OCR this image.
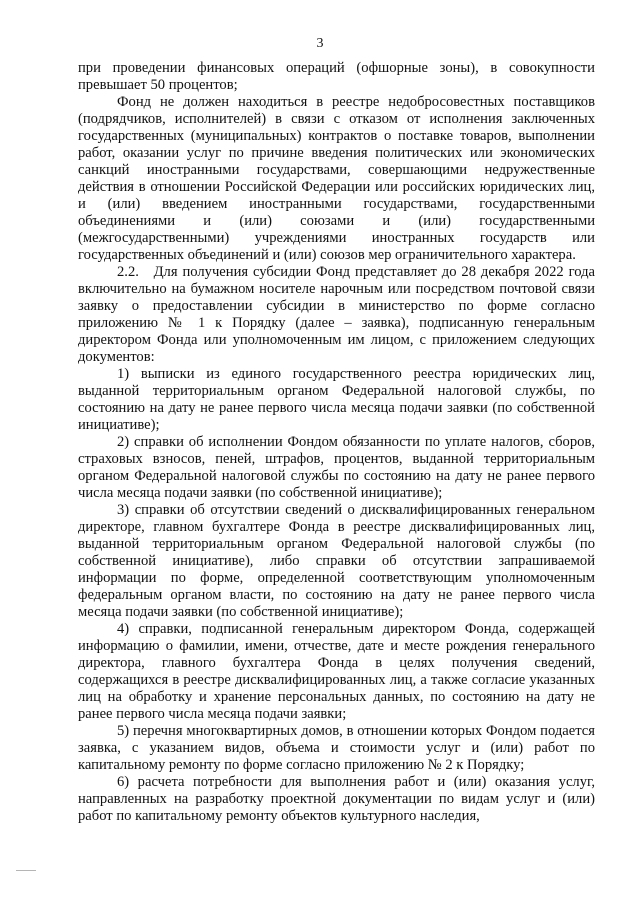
3

при проведении финансовых операций (офшорные зоны), в совокупности превышает 50 процентов;

Фонд не должен находиться в реестре недобросовестных поставщиков (подрядчиков, исполнителей) в связи с отказом от исполнения заключенных государственных (муниципальных) контрактов о поставке товаров, выполнении работ, оказании услуг по причине введения политических или экономических санкций иностранными государствами, совершающими недружественные действия в отношении Российской Федерации или российских юридических лиц, и (или) введением иностранными государствами, государственными объединениями и (или) союзами и (или) государственными (межгосударственными) учреждениями иностранных государств или государственных объединений и (или) союзов мер ограничительного характера.

2.2.   Для получения субсидии Фонд представляет до 28 декабря 2022 года включительно на бумажном носителе нарочным или посредством почтовой связи заявку о предоставлении субсидии в министерство по форме согласно приложению № 1 к Порядку (далее – заявка), подписанную генеральным директором Фонда или уполномоченным им лицом, с приложением следующих документов:

1) выписки из единого государственного реестра юридических лиц, выданной территориальным органом Федеральной налоговой службы, по состоянию на дату не ранее первого числа месяца подачи заявки (по собственной инициативе);

2) справки об исполнении Фондом обязанности по уплате налогов, сборов, страховых взносов, пеней, штрафов, процентов, выданной территориальным органом Федеральной налоговой службы по состоянию на дату не ранее первого числа месяца подачи заявки (по собственной инициативе);

3) справки об отсутствии сведений о дисквалифицированных генеральном директоре, главном бухгалтере Фонда в реестре дисквалифицированных лиц, выданной территориальным органом Федеральной налоговой службы (по собственной инициативе), либо справки об отсутствии запрашиваемой информации по форме, определенной соответствующим уполномоченным федеральным органом власти, по состоянию на дату не ранее первого числа месяца подачи заявки (по собственной инициативе);

4) справки, подписанной генеральным директором Фонда, содержащей информацию о фамилии, имени, отчестве, дате и месте рождения генерального директора, главного бухгалтера Фонда в целях получения сведений, содержащихся в реестре дисквалифицированных лиц, а также согласие указанных лиц на обработку и хранение персональных данных, по состоянию на дату не ранее первого числа месяца подачи заявки;

5) перечня многоквартирных домов, в отношении которых Фондом подается заявка, с указанием видов, объема и стоимости услуг и (или) работ по капитальному ремонту по форме согласно приложению № 2 к Порядку;

6) расчета потребности для выполнения работ и (или) оказания услуг, направленных на разработку проектной документации по видам услуг и (или) работ по капитальному ремонту объектов культурного наследия,
